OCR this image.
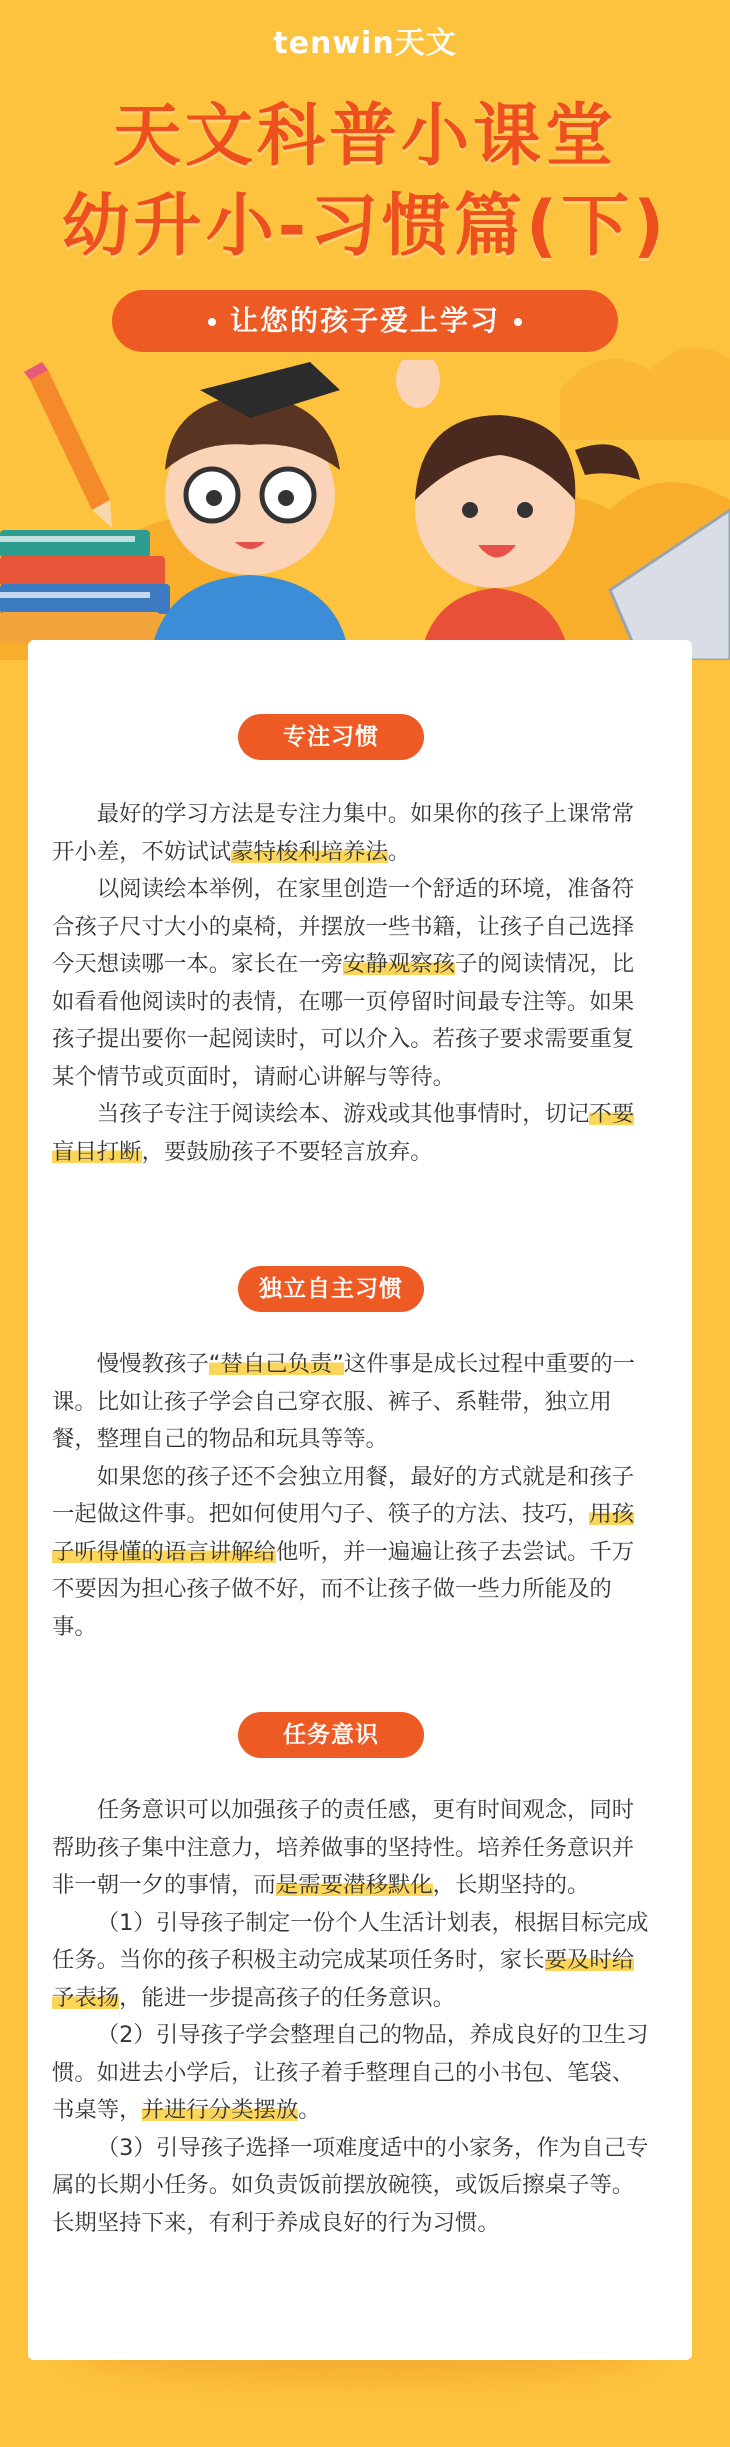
tenwin天文
天文科普小课堂
幼升小-习惯篇(下)
让您的孩子爱上学习
专注习惯

最好的学习方法是专注力集中。如果你的孩子上课常常开小差，不妨试试蒙特梭利培养法。

以阅读绘本举例，在家里创造一个舒适的环境，准备符合孩子尺寸大小的桌椅，并摆放一些书籍，让孩子自己选择今天想读哪一本。家长在一旁安静观察孩子的阅读情况，比如看看他阅读时的表情，在哪一页停留时间最专注等。如果孩子提出要你一起阅读时，可以介入。若孩子要求需要重复某个情节或页面时，请耐心讲解与等待。

当孩子专注于阅读绘本、游戏或其他事情时，切记不要盲目打断，要鼓励孩子不要轻言放弃。

独立自主习惯

慢慢教孩子“替自己负责”这件事是成长过程中重要的一课。比如让孩子学会自己穿衣服、裤子、系鞋带，独立用餐，整理自己的物品和玩具等等。

如果您的孩子还不会独立用餐，最好的方式就是和孩子一起做这件事。把如何使用勺子、筷子的方法、技巧，用孩子听得懂的语言讲解给他听，并一遍遍让孩子去尝试。千万不要因为担心孩子做不好，而不让孩子做一些力所能及的事。

任务意识

任务意识可以加强孩子的责任感，更有时间观念，同时帮助孩子集中注意力，培养做事的坚持性。培养任务意识并非一朝一夕的事情，而是需要潜移默化，长期坚持的。

（1）引导孩子制定一份个人生活计划表，根据目标完成任务。当你的孩子积极主动完成某项任务时，家长要及时给予表扬，能进一步提高孩子的任务意识。

（2）引导孩子学会整理自己的物品，养成良好的卫生习惯。如进去小学后，让孩子着手整理自己的小书包、笔袋、书桌等，并进行分类摆放。

（3）引导孩子选择一项难度适中的小家务，作为自己专属的长期小任务。如负责饭前摆放碗筷，或饭后擦桌子等。长期坚持下来，有利于养成良好的行为习惯。
